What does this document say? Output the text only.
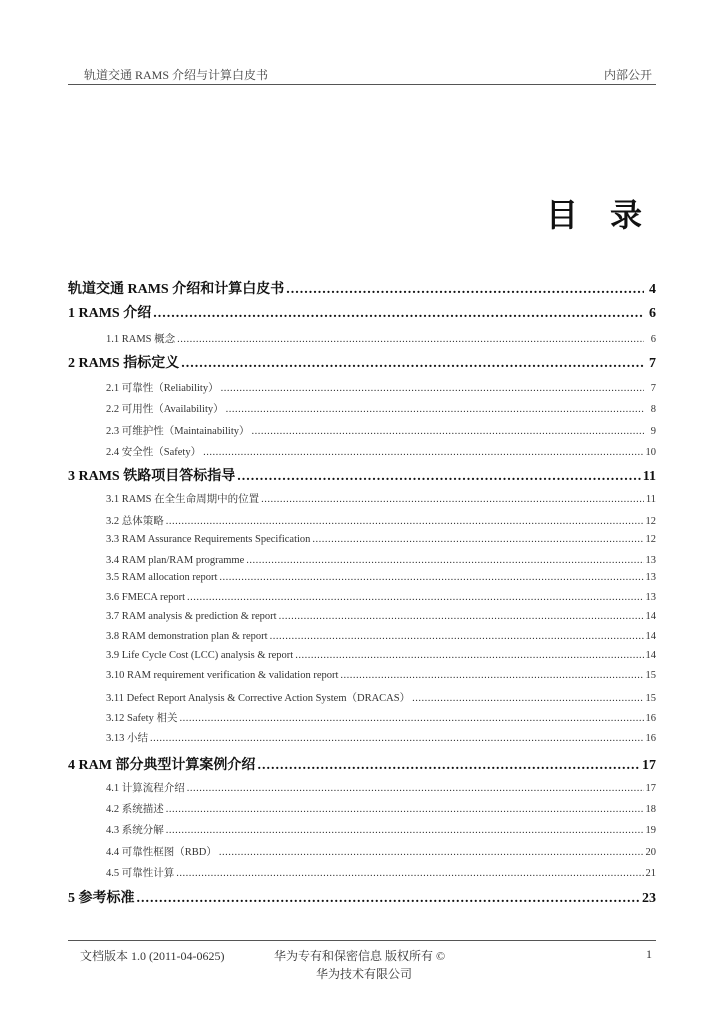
轨道交通 RAMS 介绍与计算白皮书	内部公开
目 录
轨道交通 RAMS 介绍和计算白皮书 .....	4
1 RAMS 介绍 .....	6
1.1 RAMS 概念 .....	6
2 RAMS 指标定义 .....	7
2.1 可靠性（Reliability） .....	7
2.2 可用性（Availability） .....	8
2.3 可维护性（Maintainability） .....	9
2.4 安全性（Safety） .....	10
3 RAMS 铁路项目答标指导 .....	11
3.1 RAMS 在全生命周期中的位置 .....	11
3.2 总体策略 .....	12
3.3 RAM Assurance Requirements Specification .....	12
3.4 RAM plan/RAM programme .....	13
3.5 RAM allocation report .....	13
3.6 FMECA report .....	13
3.7 RAM analysis & prediction & report .....	14
3.8 RAM demonstration plan & report .....	14
3.9 Life Cycle Cost (LCC) analysis & report .....	14
3.10 RAM requirement verification & validation report .....	15
3.11 Defect Report Analysis & Corrective Action System（DRACAS） .....	15
3.12 Safety 相关 .....	16
3.13 小结 .....	16
4 RAM 部分典型计算案例介绍 .....	17
4.1 计算流程介绍 .....	17
4.2 系统描述 .....	18
4.3 系统分解 .....	19
4.4 可靠性框图（RBD） .....	20
4.5 可靠性计算 .....	21
5 参考标准 .....	23
文档版本 1.0 (2011-04-0625)	华为专有和保密信息 版权所有 ©	1
华为技术有限公司
